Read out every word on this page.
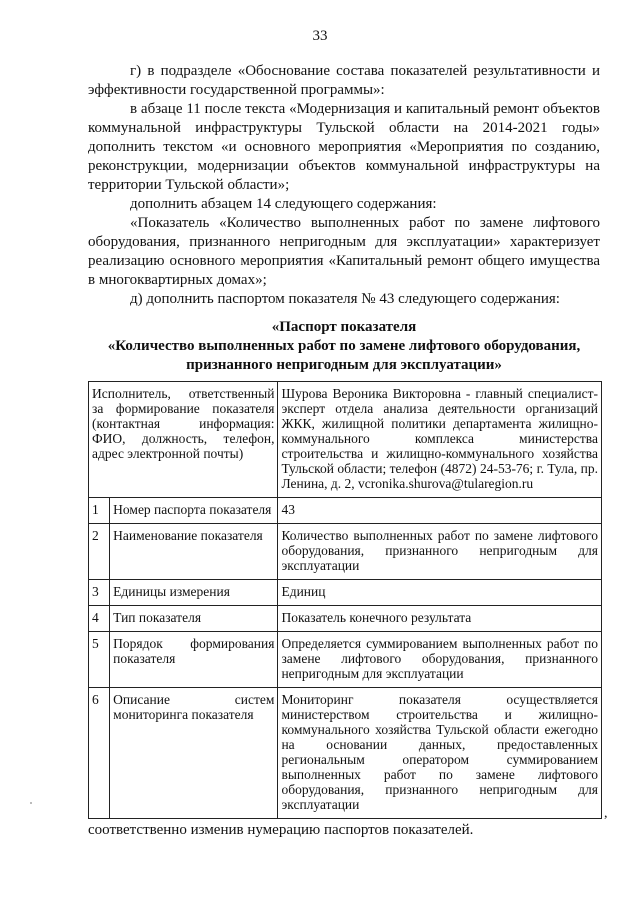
33

г) в подразделе «Обоснование состава показателей результативности и эффективности государственной программы»:

в абзаце 11 после текста «Модернизация и капитальный ремонт объектов коммунальной инфраструктуры Тульской области на 2014-2021 годы» дополнить текстом «и основного мероприятия «Мероприятия по созданию, реконструкции, модернизации объектов коммунальной инфраструктуры на территории Тульской области»;

дополнить абзацем 14 следующего содержания:

«Показатель «Количество выполненных работ по замене лифтового оборудования, признанного непригодным для эксплуатации» характеризует реализацию основного мероприятия «Капитальный ремонт общего имущества в многоквартирных домах»;

д) дополнить паспортом показателя № 43 следующего содержания:

«Паспорт показателя
«Количество выполненных работ по замене лифтового оборудования,
признанного непригодным для эксплуатации»
Исполнитель, ответственный за формирование показателя (контактная информация: ФИО, должность, телефон, адрес электронной почты)		Шурова Вероника Викторовна - главный специалист-эксперт отдела анализа деятельности организаций ЖКК, жилищной политики департамента жилищно-коммунального комплекса министерства строительства и жилищно-коммунального хозяйства Тульской области; телефон (4872) 24-53-76; г. Тула, пр. Ленина, д. 2, vcronika.shurova@tularegion.ru
1	Номер паспорта показателя	43
2	Наименование показателя	Количество выполненных работ по замене лифтового оборудования, признанного непригодным для эксплуатации
3	Единицы измерения	Единиц
4	Тип показателя	Показатель конечного результата
5	Порядок формирования показателя	Определяется суммированием выполненных работ по замене лифтового оборудования, признанного непригодным для эксплуатации
6	Описание систем мониторинга показателя	Мониторинг показателя осуществляется министерством строительства и жилищно-коммунального хозяйства Тульской области ежегодно на основании данных, предоставленных региональным оператором суммированием выполненных работ по замене лифтового оборудования, признанного непригодным для эксплуатации
,
соответственно изменив нумерацию паспортов показателей.
